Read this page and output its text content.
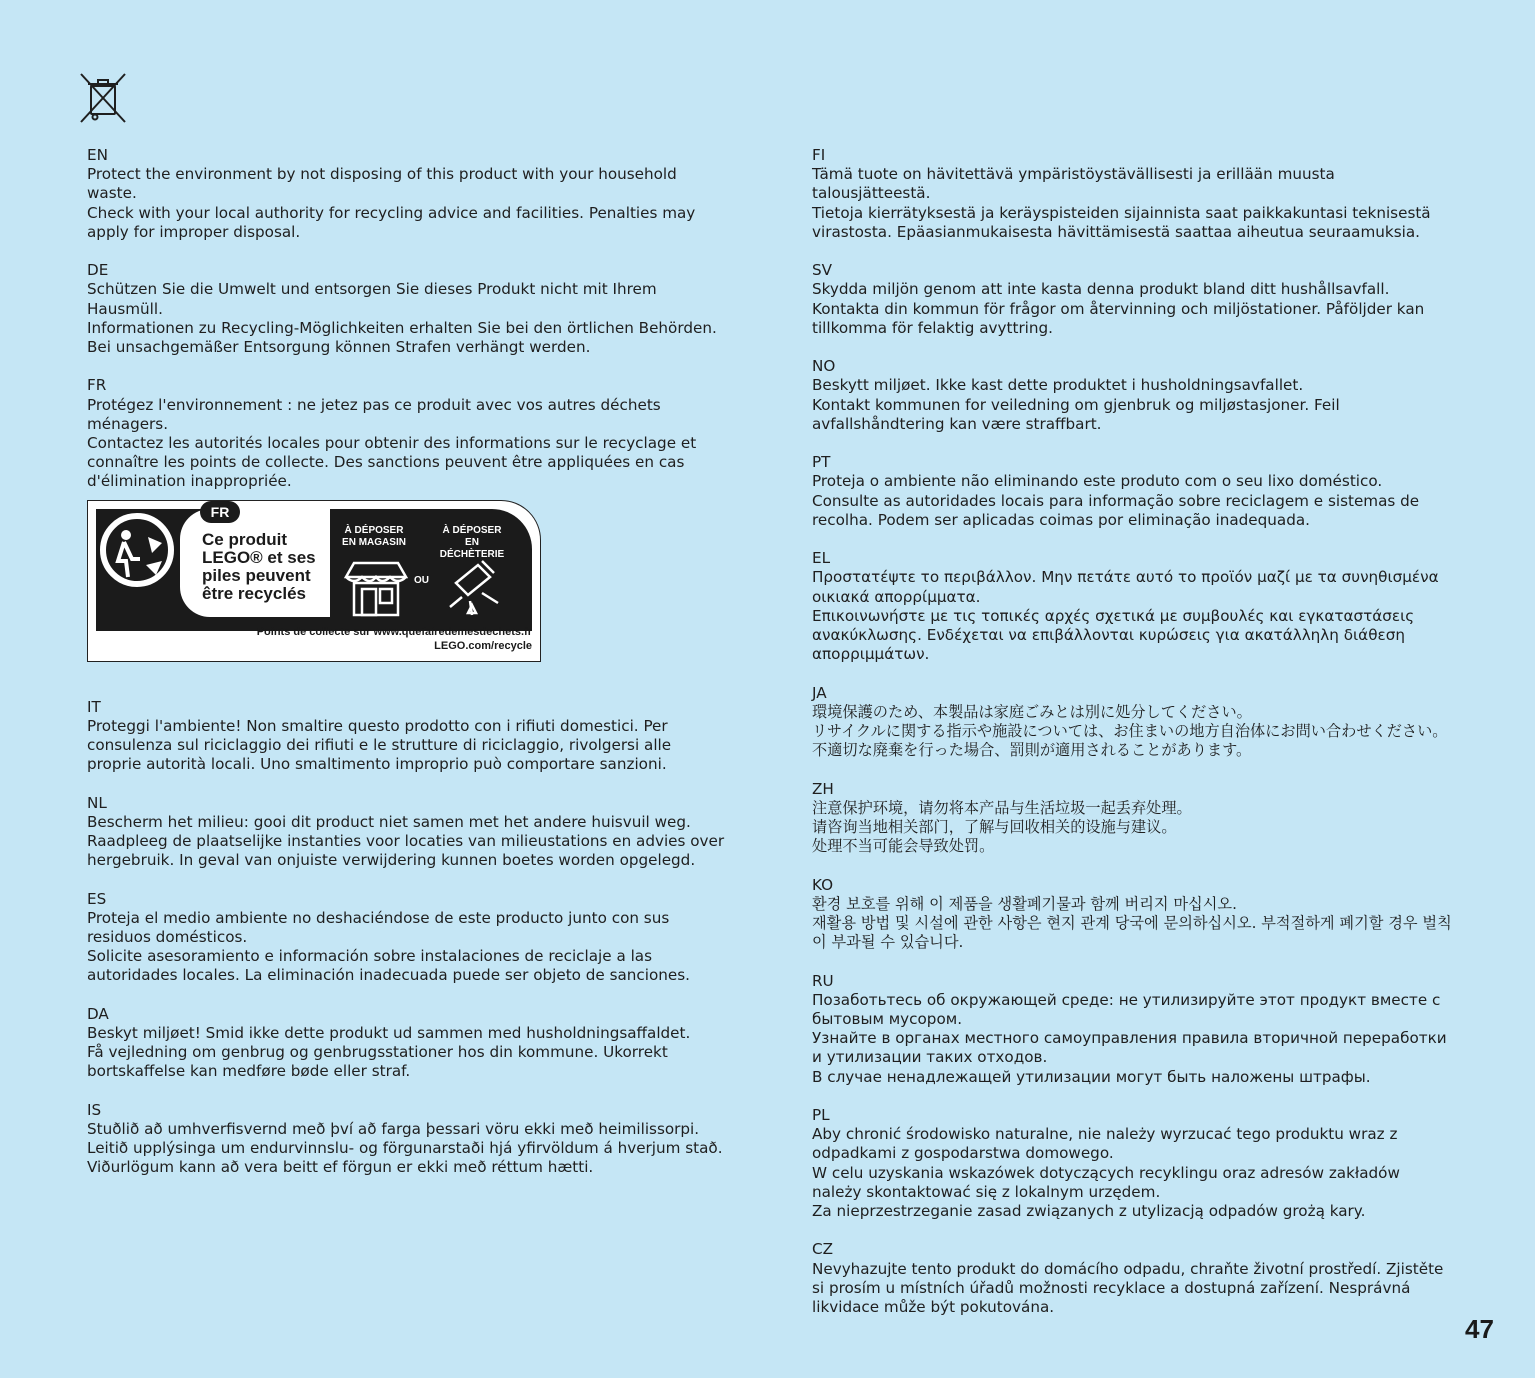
EN
Protect the environment by not disposing of this product with your household waste.
Check with your local authority for recycling advice and facilities. Penalties may apply for improper disposal.
DE
Schützen Sie die Umwelt und entsorgen Sie dieses Produkt nicht mit Ihrem Hausmüll.
Informationen zu Recycling-Möglichkeiten erhalten Sie bei den örtlichen Behörden. Bei unsachgemäßer Entsorgung können Strafen verhängt werden.
FR
Protégez l'environnement : ne jetez pas ce produit avec vos autres déchets ménagers.
Contactez les autorités locales pour obtenir des informations sur le recyclage et connaître les points de collecte. Des sanctions peuvent être appliquées en cas d'élimination inappropriée.
FR
Ce produit
LEGO® et ses
piles peuvent
être recyclés
À DÉPOSER
EN MAGASIN
À DÉPOSER
EN DÉCHÈTERIE
OU
Points de collecte sur www.quefairedemesdechets.fr
LEGO.com/recycle
IT
Proteggi l'ambiente! Non smaltire questo prodotto con i rifiuti domestici. Per consulenza sul riciclaggio dei rifiuti e le strutture di riciclaggio, rivolgersi alle proprie autorità locali. Uno smaltimento improprio può comportare sanzioni.
NL
Bescherm het milieu: gooi dit product niet samen met het andere huisvuil weg.
Raadpleeg de plaatselijke instanties voor locaties van milieustations en advies over hergebruik. In geval van onjuiste verwijdering kunnen boetes worden opgelegd.
ES
Proteja el medio ambiente no deshaciéndose de este producto junto con sus residuos domésticos.
Solicite asesoramiento e información sobre instalaciones de reciclaje a las autoridades locales. La eliminación inadecuada puede ser objeto de sanciones.
DA
Beskyt miljøet! Smid ikke dette produkt ud sammen med husholdningsaffaldet.
Få vejledning om genbrug og genbrugsstationer hos din kommune. Ukorrekt bortskaffelse kan medføre bøde eller straf.
IS
Stuðlið að umhverfisvernd með því að farga þessari vöru ekki með heimilissorpi.
Leitið upplýsinga um endurvinnslu- og förgunarstaði hjá yfirvöldum á hverjum stað. Viðurlögum kann að vera beitt ef förgun er ekki með réttum hætti.
FI
Tämä tuote on hävitettävä ympäristöystävällisesti ja erillään muusta talousjätteestä.
Tietoja kierrätyksestä ja keräyspisteiden sijainnista saat paikkakuntasi teknisestä virastosta. Epäasianmukaisesta hävittämisestä saattaa aiheutua seuraamuksia.
SV
Skydda miljön genom att inte kasta denna produkt bland ditt hushållsavfall. Kontakta din kommun för frågor om återvinning och miljöstationer. Påföljder kan tillkomma för felaktig avyttring.
NO
Beskytt miljøet. Ikke kast dette produktet i husholdningsavfallet.
Kontakt kommunen for veiledning om gjenbruk og miljøstasjoner. Feil avfallshåndtering kan være straffbart.
PT
Proteja o ambiente não eliminando este produto com o seu lixo doméstico. Consulte as autoridades locais para informação sobre reciclagem e sistemas de recolha. Podem ser aplicadas coimas por eliminação inadequada.
EL
Προστατέψτε το περιβάλλον. Μην πετάτε αυτό το προϊόν μαζί με τα συνηθισμένα οικιακά απορρίμματα.
Επικοινωνήστε με τις τοπικές αρχές σχετικά με συμβουλές και εγκαταστάσεις ανακύκλωσης. Ενδέχεται να επιβάλλονται κυρώσεις για ακατάλληλη διάθεση απορριμμάτων.
JA
環境保護のため、本製品は家庭ごみとは別に処分してください。
リサイクルに関する指示や施設については、お住まいの地方自治体にお問い合わせください。不適切な廃棄を行った場合、罰則が適用されることがあります。
ZH
注意保护环境，请勿将本产品与生活垃圾一起丢弃处理。
请咨询当地相关部门，了解与回收相关的设施与建议。
处理不当可能会导致处罚。
KO
환경 보호를 위해 이 제품을 생활폐기물과 함께 버리지 마십시오.
재활용 방법 및 시설에 관한 사항은 현지 관계 당국에 문의하십시오. 부적절하게 폐기할 경우 벌칙이 부과될 수 있습니다.
RU
Позаботьтесь об окружающей среде: не утилизируйте этот продукт вместе с бытовым мусором.
Узнайте в органах местного самоуправления правила вторичной переработки и утилизации таких отходов.
В случае ненадлежащей утилизации могут быть наложены штрафы.
PL
Aby chronić środowisko naturalne, nie należy wyrzucać tego produktu wraz z odpadkami z gospodarstwa domowego.
W celu uzyskania wskazówek dotyczących recyklingu oraz adresów zakładów należy skontaktować się z lokalnym urzędem.
Za nieprzestrzeganie zasad związanych z utylizacją odpadów grożą kary.
CZ
Nevyhazujte tento produkt do domácího odpadu, chraňte životní prostředí. Zjistěte si prosím u místních úřadů možnosti recyklace a dostupná zařízení. Nesprávná likvidace může být pokutována.
47
